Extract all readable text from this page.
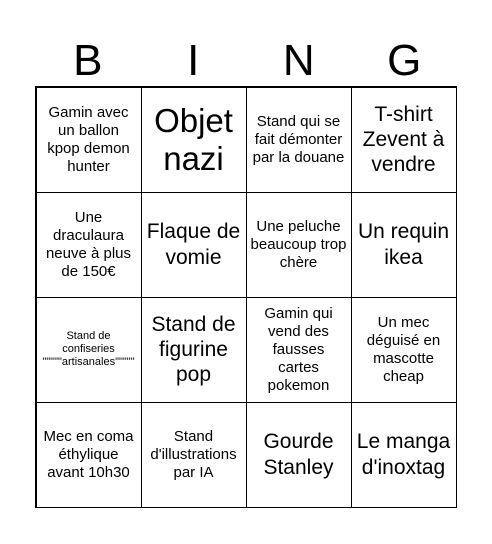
B	I	N	G
Gamin avec un ballon kpop demon hunter
Objet nazi
Stand qui se fait démonter par la douane
T-shirt Zevent à vendre
Une draculaura neuve à plus de 150€
Flaque de vomie
Une peluche beaucoup trop chère
Un requin ikea
Stand de confiseries """""artisanales"""""
Stand de figurine pop
Gamin qui vend des fausses cartes pokemon
Un mec déguisé en mascotte cheap
Mec en coma éthylique avant 10h30
Stand d'illustrations par IA
Gourde Stanley
Le manga d'inoxtag
